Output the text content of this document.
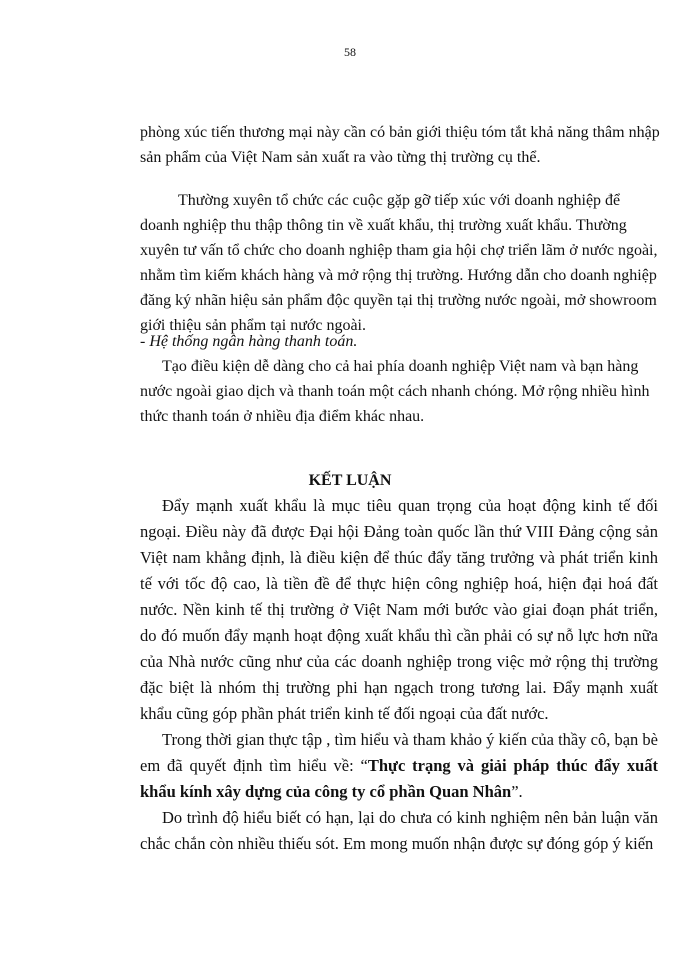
58

phòng xúc tiến thương mại này cần có bản giới thiệu tóm tắt khả năng thâm nhập sản phẩm của Việt Nam sản xuất ra vào từng thị trường cụ thể.

Thường xuyên tổ chức các cuộc gặp gỡ tiếp xúc với doanh nghiệp để doanh nghiệp thu thập thông tin về xuất khẩu, thị trường xuất khẩu. Thường xuyên tư vấn tổ chức cho doanh nghiệp tham gia hội chợ triển lãm ở nước ngoài, nhằm tìm kiếm khách hàng và mở rộng thị trường. Hướng dẫn cho doanh nghiệp đăng ký nhãn hiệu sản phẩm độc quyền tại thị trường nước ngoài, mở showroom giới thiệu sản phẩm tại nước ngoài.

- Hệ thống ngân hàng thanh toán.

Tạo điều kiện dễ dàng cho cả hai phía doanh nghiệp Việt nam và bạn hàng nước ngoài giao dịch và thanh toán một cách nhanh chóng. Mở rộng nhiều hình thức thanh toán ở nhiều địa điểm khác nhau.

KẾT LUẬN

Đẩy mạnh xuất khẩu là mục tiêu quan trọng của hoạt động kinh tế đối ngoại. Điều này đã được Đại hội Đảng toàn quốc lần thứ VIII Đảng cộng sản Việt nam khẳng định, là điều kiện để thúc đẩy tăng trưởng và phát triển kinh tế với tốc độ cao, là tiền đề để thực hiện công nghiệp hoá, hiện đại hoá đất nước. Nền kinh tế thị trường ở Việt Nam mới bước vào giai đoạn phát triển, do đó muốn đẩy mạnh hoạt động xuất khẩu thì cần phải có sự nỗ lực hơn nữa của Nhà nước cũng như của các doanh nghiệp trong việc mở rộng thị trường đặc biệt là nhóm thị trường phi hạn ngạch trong tương lai. Đẩy mạnh xuất khẩu cũng góp phần phát triển kinh tế đối ngoại của đất nước.

Trong thời gian thực tập , tìm hiểu và tham khảo ý kiến của thầy cô, bạn bè em đã quyết định tìm hiểu về: “Thực trạng và giải pháp thúc đẩy xuất khẩu kính xây dựng của công ty cổ phần Quan Nhân”.

Do trình độ hiểu biết có hạn, lại do chưa có kinh nghiệm nên bản luận văn chắc chắn còn nhiều thiếu sót. Em mong muốn nhận được sự đóng góp ý kiến
